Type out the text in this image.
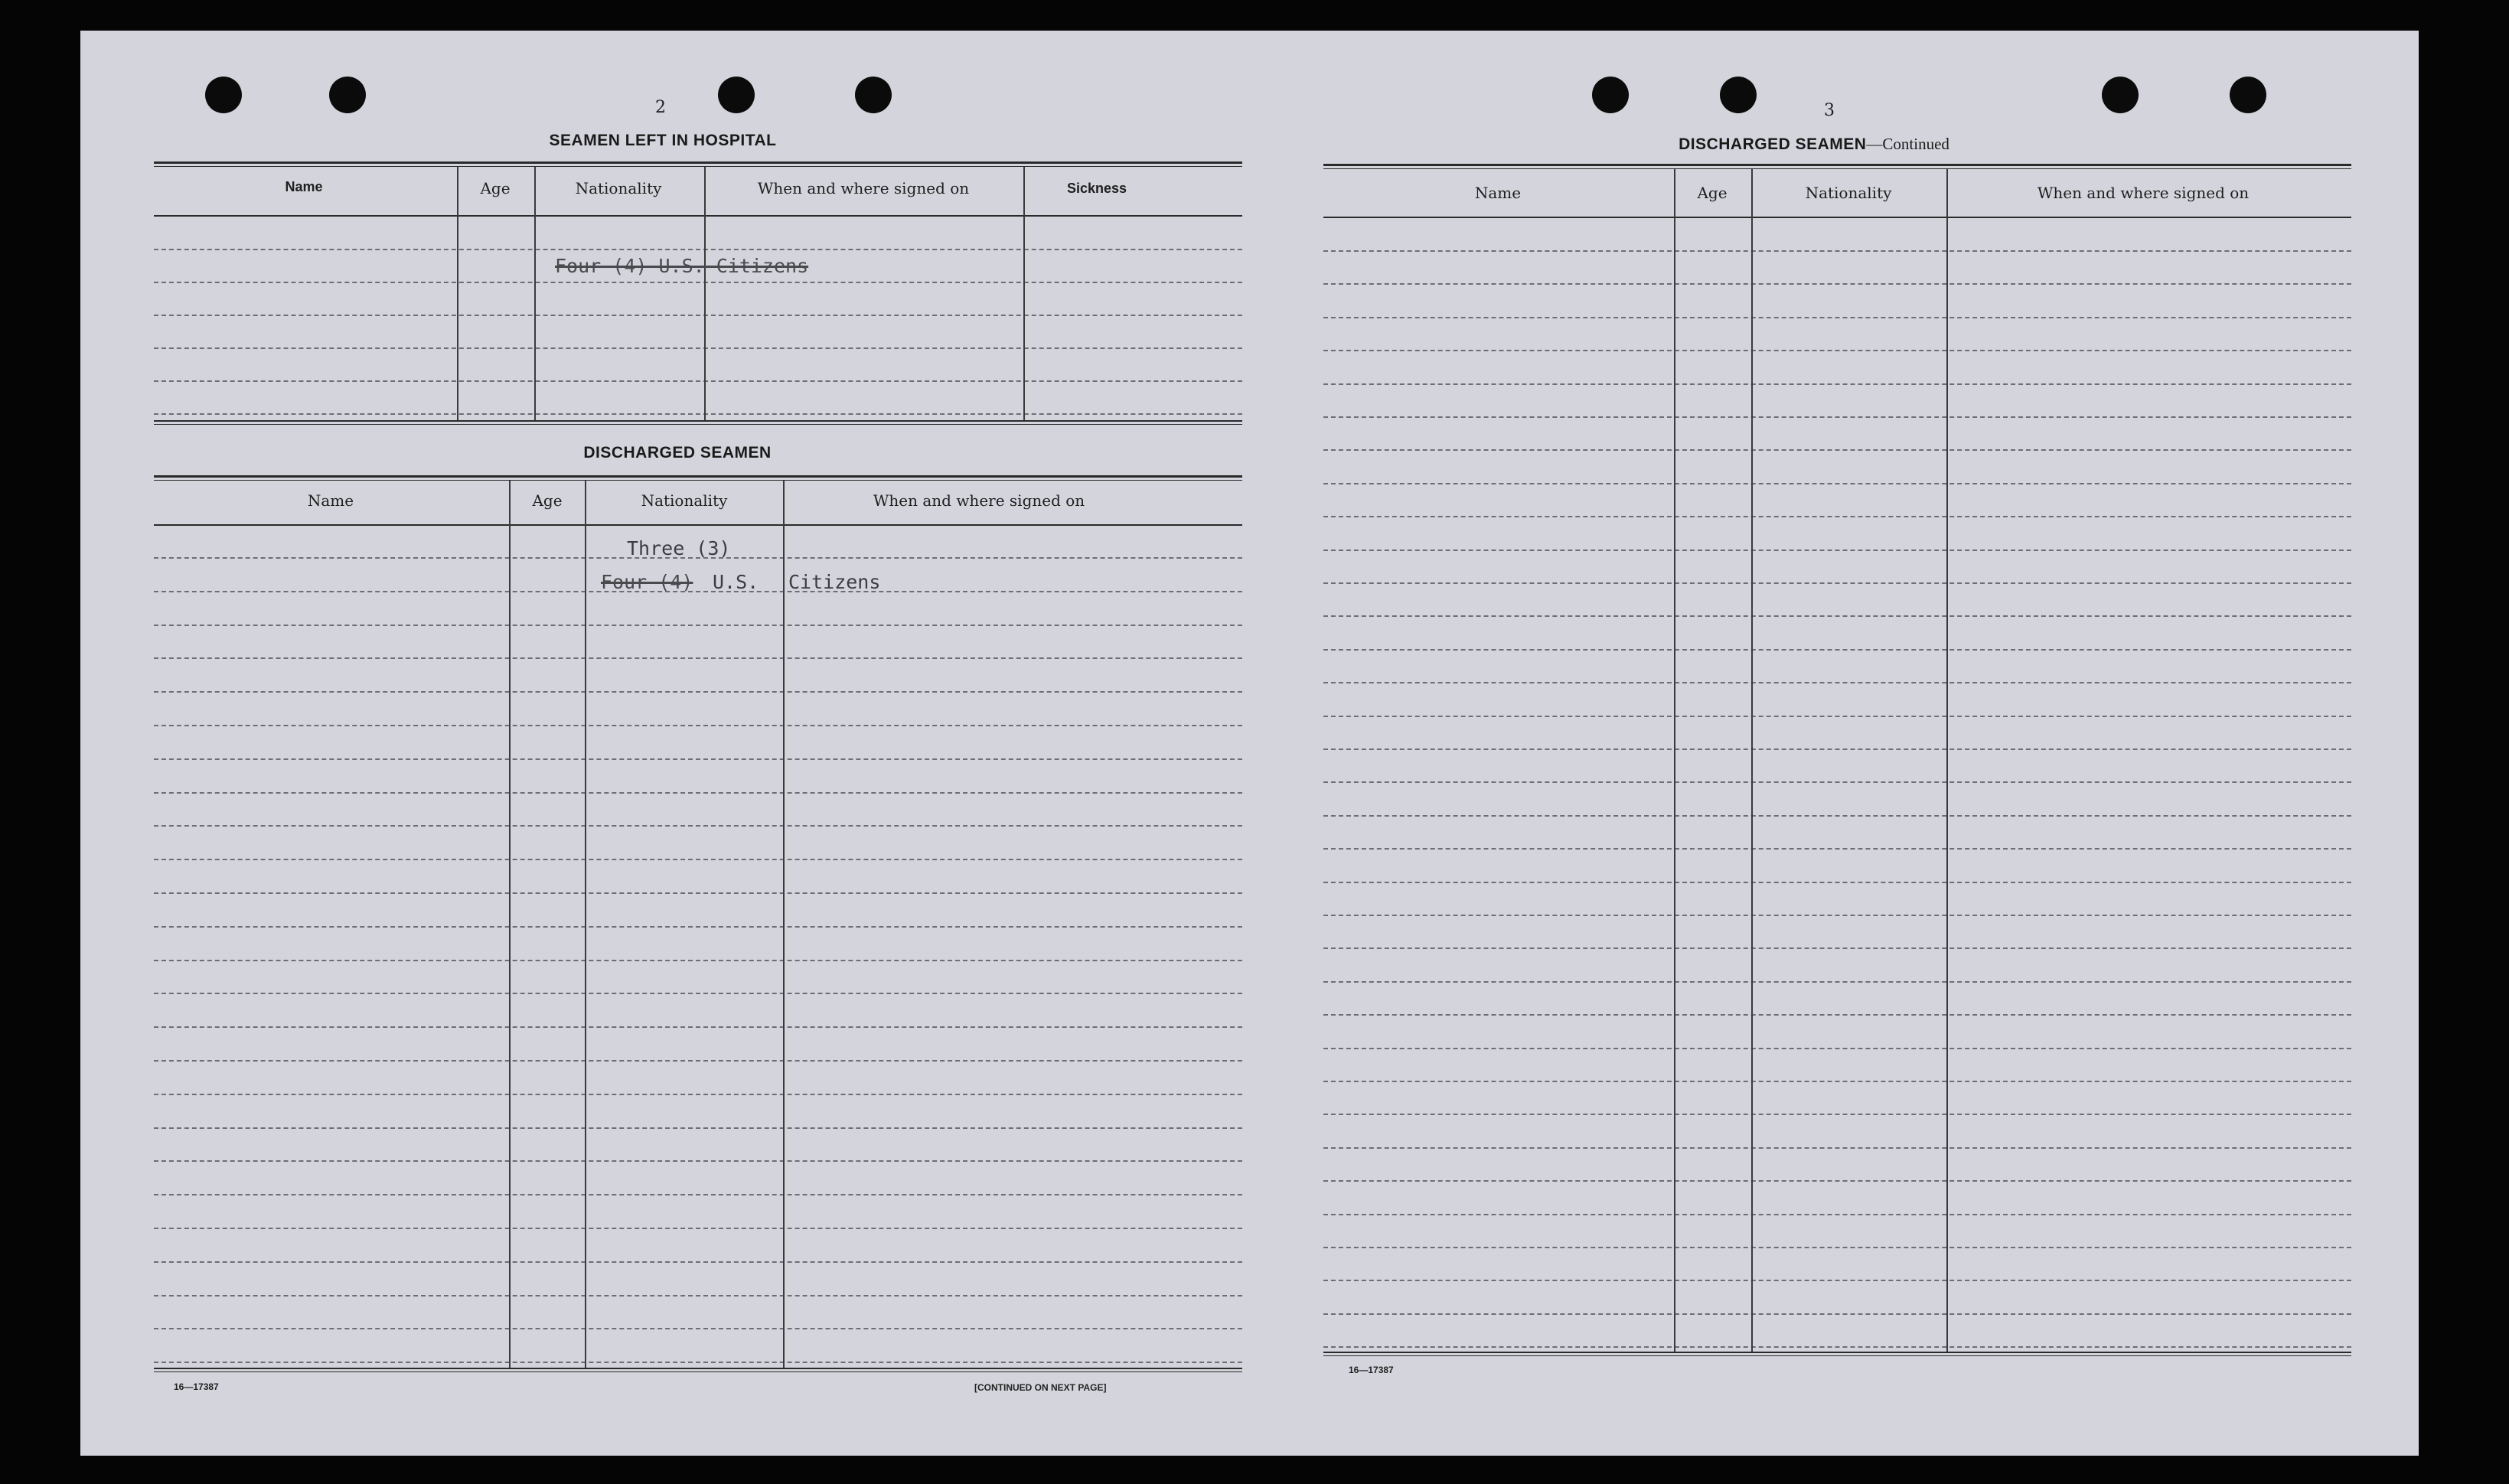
2
SEAMEN LEFT IN HOSPITAL
Name	Age	Nationality	When and where signed on	Sickness
Four (4) U.S. Citizens
DISCHARGED SEAMEN
Name	Age	Nationality	When and where signed on
Three (3)
Four (4) U.S. Citizens
16—17387	[CONTINUED ON NEXT PAGE]
3
DISCHARGED SEAMEN—Continued
Name	Age	Nationality	When and where signed on
16—17387
